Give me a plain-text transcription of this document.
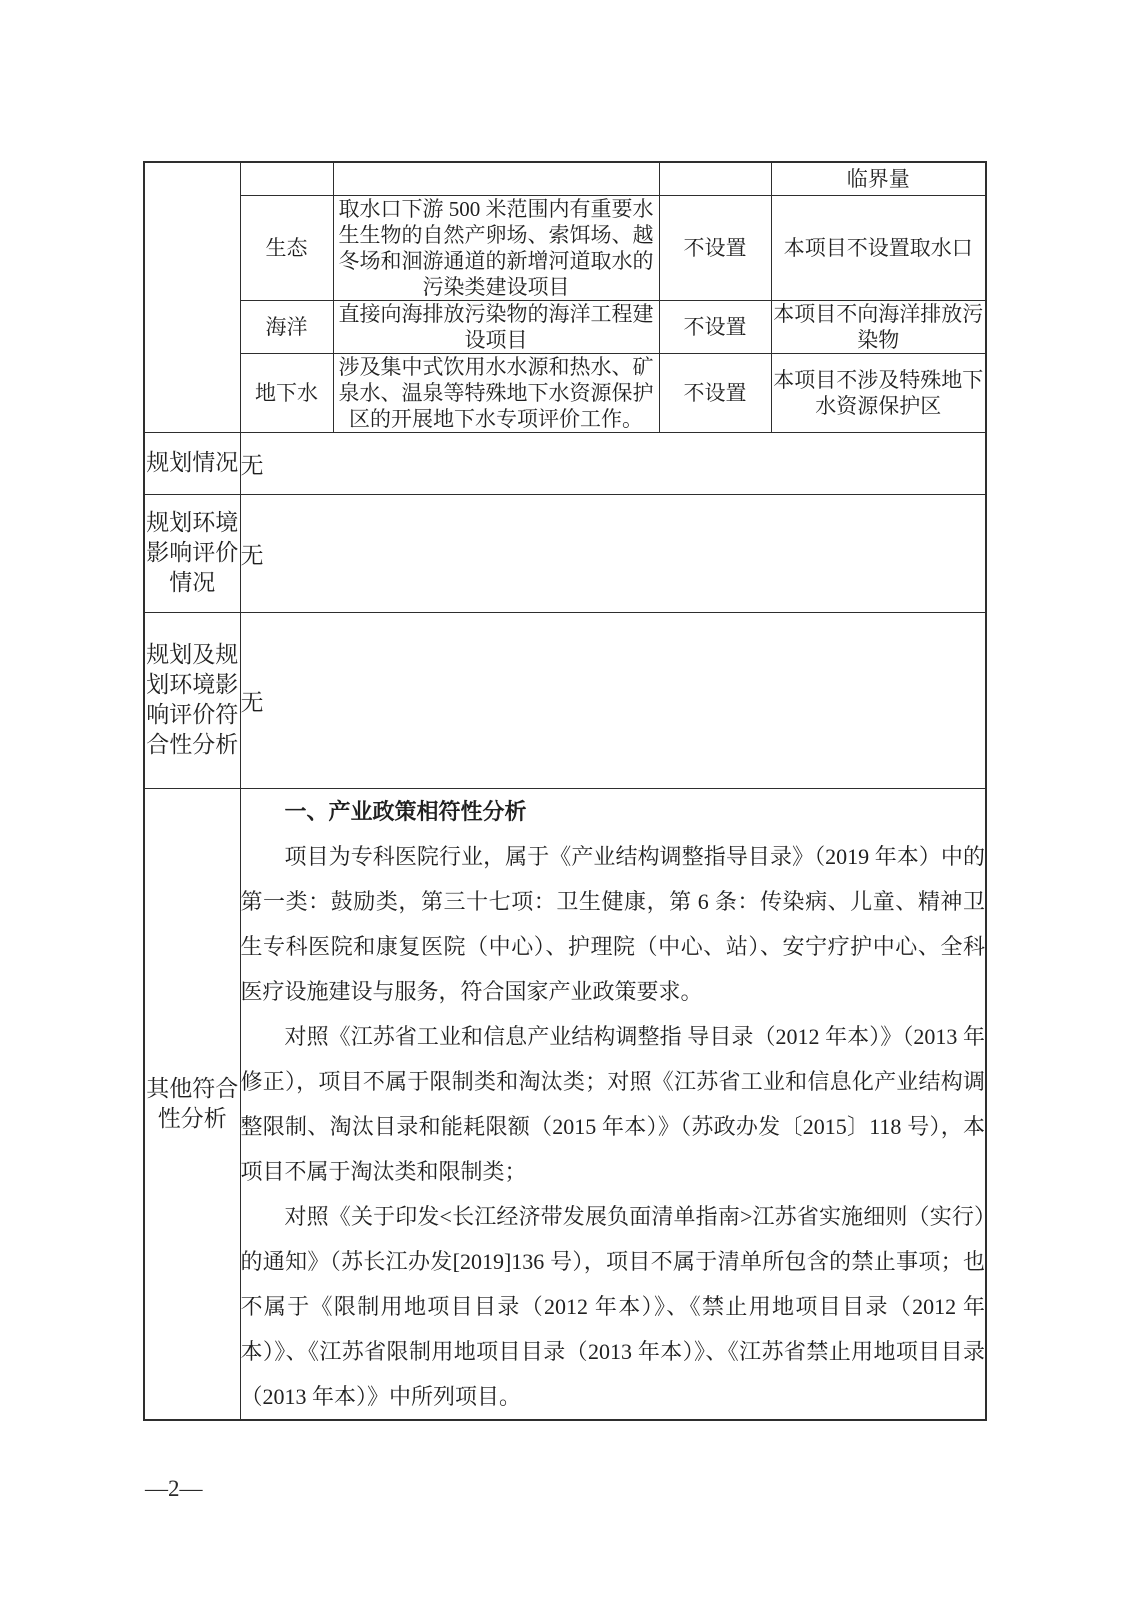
				临界量
	生态	取水口下游 500 米范围内有重要水生生物的自然产卵场、索饵场、越冬场和洄游通道的新增河道取水的污染类建设项目	不设置	本项目不设置取水口
	海洋	直接向海排放污染物的海洋工程建设项目	不设置	本项目不向海洋排放污染物
	地下水	涉及集中式饮用水水源和热水、矿泉水、温泉等特殊地下水资源保护区的开展地下水专项评价工作。	不设置	本项目不涉及特殊地下水资源保护区
规划情况	无			
规划环境影响评价情况	无			
规划及规划环境影响评价符合性分析	无			
其他符合性分析	一、产业政策相符性分析

项目为专科医院行业，属于《产业结构调整指导目录》（2019 年本）中的第一类：鼓励类，第三十七项：卫生健康，第 6 条：传染病、儿童、精神卫生专科医院和康复医院（中心）、护理院（中心、站）、安宁疗护中心、全科医疗设施建设与服务，符合国家产业政策要求。

对照《江苏省工业和信息产业结构调整指 导目录（2012 年本）》（2013 年修正），项目不属于限制类和淘汰类；对照《江苏省工业和信息化产业结构调整限制、淘汰目录和能耗限额（2015 年本）》（苏政办发〔2015〕118 号），本项目不属于淘汰类和限制类；

对照《关于印发<长江经济带发展负面清单指南>江苏省实施细则（实行）的通知》（苏长江办发[2019]136 号），项目不属于清单所包含的禁止事项；也不属于《限制用地项目目录（2012 年本）》、《禁止用地项目目录（2012 年本）》、《江苏省限制用地项目目录（2013 年本）》、《江苏省禁止用地项目目录（2013 年本）》中所列项目。			

—2—
